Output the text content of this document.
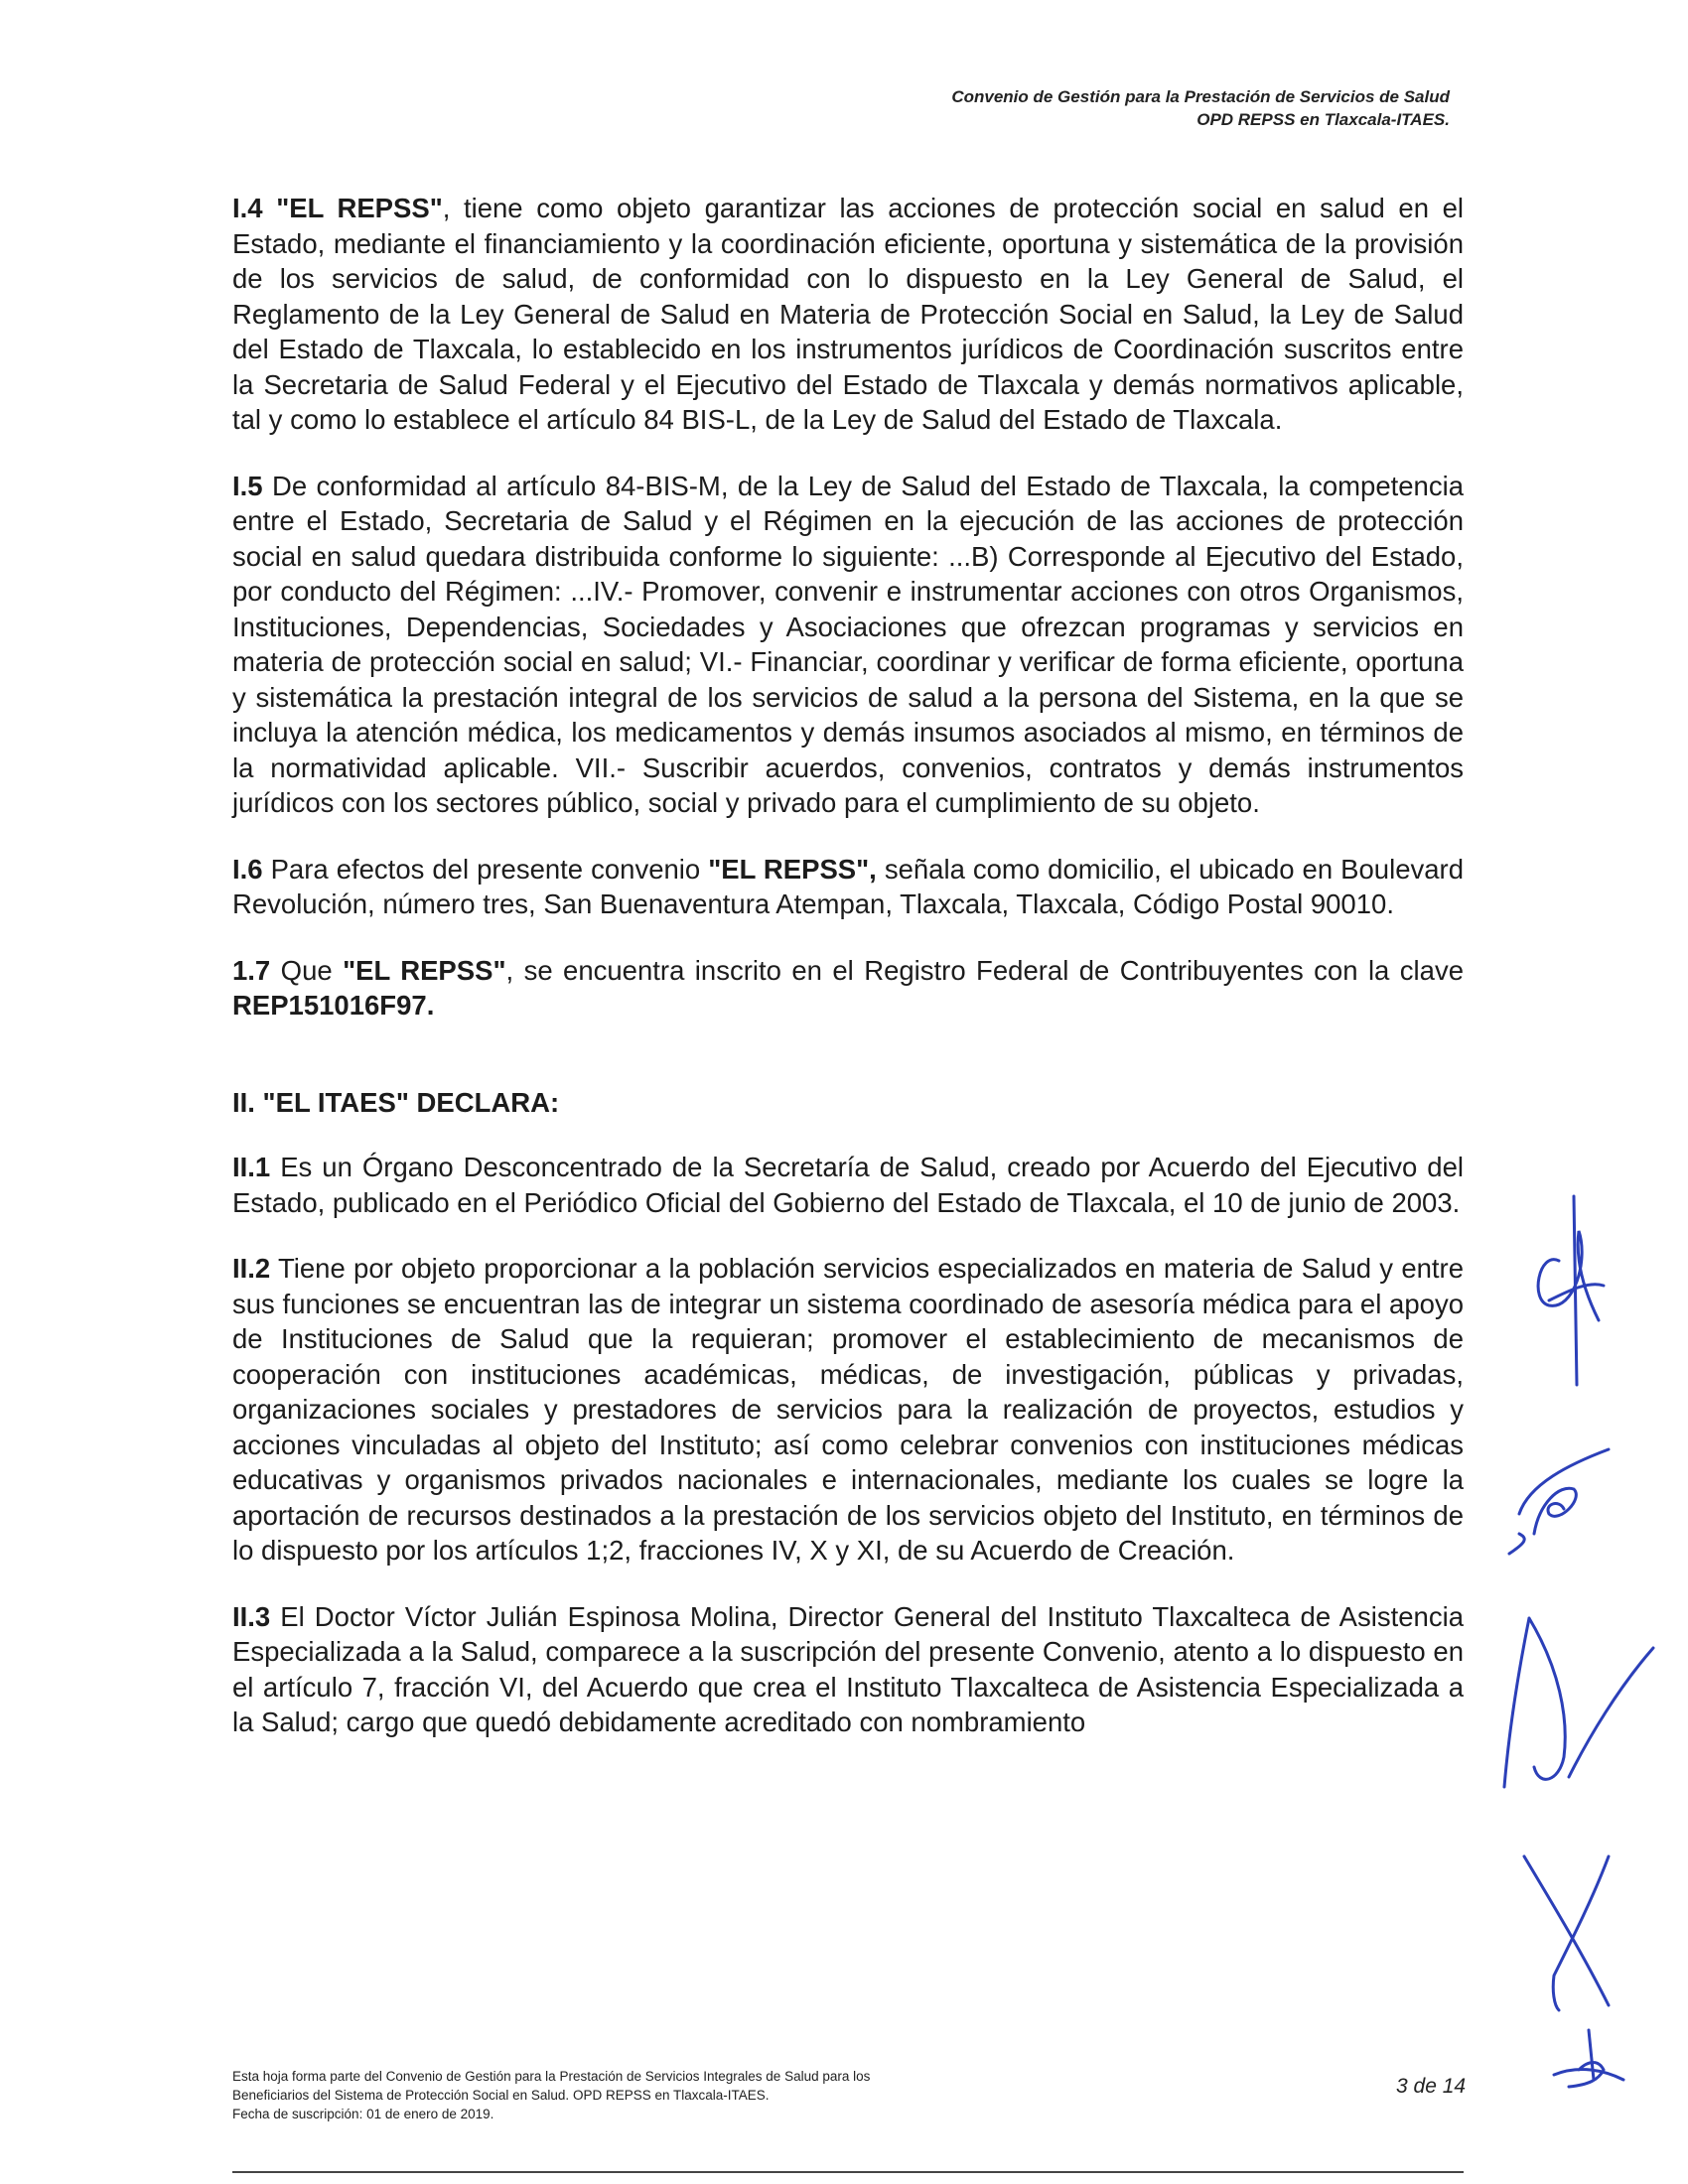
Convenio de Gestión para la Prestación de Servicios de Salud
OPD REPSS en Tlaxcala-ITAES.

I.4 "EL REPSS", tiene como objeto garantizar las acciones de protección social en salud en el Estado, mediante el financiamiento y la coordinación eficiente, oportuna y sistemática de la provisión de los servicios de salud, de conformidad con lo dispuesto en la Ley General de Salud, el Reglamento de la Ley General de Salud en Materia de Protección Social en Salud, la Ley de Salud del Estado de Tlaxcala, lo establecido en los instrumentos jurídicos de Coordinación suscritos entre la Secretaria de Salud Federal y el Ejecutivo del Estado de Tlaxcala y demás normativos aplicable, tal y como lo establece el artículo 84 BIS-L, de la Ley de Salud del Estado de Tlaxcala.

I.5 De conformidad al artículo 84-BIS-M, de la Ley de Salud del Estado de Tlaxcala, la competencia entre el Estado, Secretaria de Salud y el Régimen en la ejecución de las acciones de protección social en salud quedara distribuida conforme lo siguiente: ...B) Corresponde al Ejecutivo del Estado, por conducto del Régimen: ...IV.- Promover, convenir e instrumentar acciones con otros Organismos, Instituciones, Dependencias, Sociedades y Asociaciones que ofrezcan programas y servicios en materia de protección social en salud; VI.- Financiar, coordinar y verificar de forma eficiente, oportuna y sistemática la prestación integral de los servicios de salud a la persona del Sistema, en la que se incluya la atención médica, los medicamentos y demás insumos asociados al mismo, en términos de la normatividad aplicable. VII.- Suscribir acuerdos, convenios, contratos y demás instrumentos jurídicos con los sectores público, social y privado para el cumplimiento de su objeto.

I.6 Para efectos del presente convenio "EL REPSS", señala como domicilio, el ubicado en Boulevard Revolución, número tres, San Buenaventura Atempan, Tlaxcala, Tlaxcala, Código Postal 90010.

1.7 Que "EL REPSS", se encuentra inscrito en el Registro Federal de Contribuyentes con la clave REP151016F97.

II. "EL ITAES" DECLARA:

II.1 Es un Órgano Desconcentrado de la Secretaría de Salud, creado por Acuerdo del Ejecutivo del Estado, publicado en el Periódico Oficial del Gobierno del Estado de Tlaxcala, el 10 de junio de 2003.

II.2 Tiene por objeto proporcionar a la población servicios especializados en materia de Salud y entre sus funciones se encuentran las de integrar un sistema coordinado de asesoría médica para el apoyo de Instituciones de Salud que la requieran; promover el establecimiento de mecanismos de cooperación con instituciones académicas, médicas, de investigación, públicas y privadas, organizaciones sociales y prestadores de servicios para la realización de proyectos, estudios y acciones vinculadas al objeto del Instituto; así como celebrar convenios con instituciones médicas educativas y organismos privados nacionales e internacionales, mediante los cuales se logre la aportación de recursos destinados a la prestación de los servicios objeto del Instituto, en términos de lo dispuesto por los artículos 1;2, fracciones IV, X y XI, de su Acuerdo de Creación.

II.3 El Doctor Víctor Julián Espinosa Molina, Director General del Instituto Tlaxcalteca de Asistencia Especializada a la Salud, comparece a la suscripción del presente Convenio, atento a lo dispuesto en el artículo 7, fracción VI, del Acuerdo que crea el Instituto Tlaxcalteca de Asistencia Especializada a la Salud; cargo que quedó debidamente acreditado con nombramiento

Esta hoja forma parte del Convenio de Gestión para la Prestación de Servicios Integrales de Salud para los
Beneficiarios del Sistema de Protección Social en Salud. OPD REPSS en Tlaxcala-ITAES.
Fecha de suscripción: 01 de enero de 2019.
3 de 14
